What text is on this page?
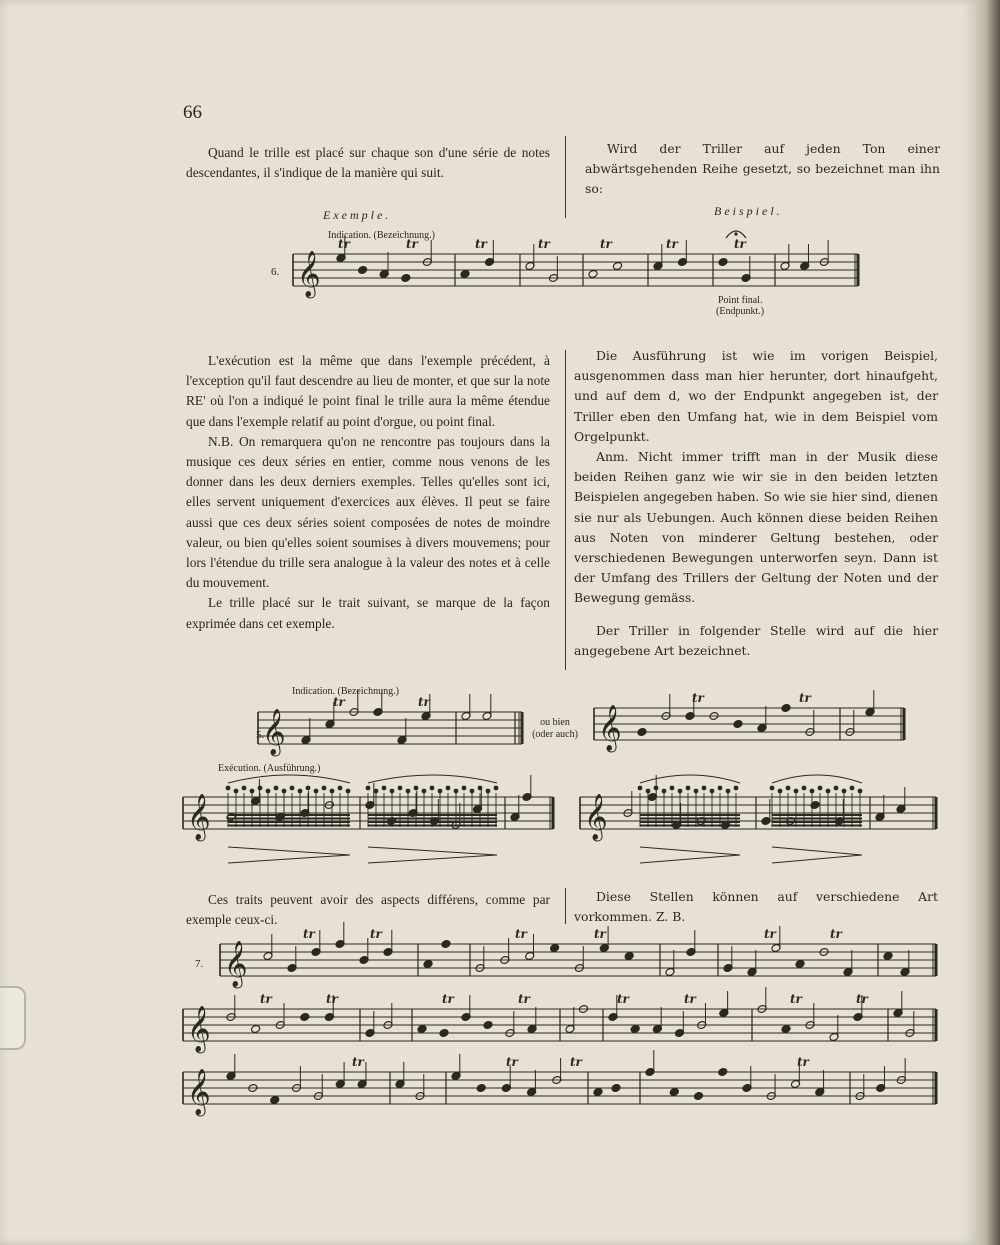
66

Quand le trille est placé sur chaque son d'une série de notes descendantes, il s'indique de la manière qui suit.

Wird der Triller auf jeden Ton einer abwärtsgehenden Reihe gesetzt, so bezeichnet man ihn so:

Exemple.	Beispiel.
Indication. (Bezeichnung.)
6.
Point final.
(Endpunkt.)

L'exécution est la même que dans l'exemple précédent, à l'exception qu'il faut descendre au lieu de monter, et que sur la note RE' où l'on a indiqué le point final le trille aura la même étendue que dans l'exemple relatif au point d'orgue, ou point final.

N.B. On remarquera qu'on ne rencontre pas toujours dans la musique ces deux séries en entier, comme nous venons de les donner dans les deux derniers exemples. Telles qu'elles sont ici, elles servent uniquement d'exercices aux élèves. Il peut se faire aussi que ces deux séries soient composées de notes de moindre valeur, ou bien qu'elles soient soumises à divers mouvemens; pour lors l'étendue du trille sera analogue à la valeur des notes et à celle du mouvement.

Le trille placé sur le trait suivant, se marque de la façon exprimée dans cet exemple.

Die Ausführung ist wie im vorigen Beispiel, ausgenommen dass man hier herunter, dort hinaufgeht, und auf dem d, wo der Endpunkt angegeben ist, der Triller eben den Umfang hat, wie in dem Beispiel vom Orgelpunkt.

Anm. Nicht immer trifft man in der Musik diese beiden Reihen ganz wie wir sie in den beiden letzten Beispielen angegeben haben. So wie sie hier sind, dienen sie nur als Uebungen. Auch können diese beiden Reihen aus Noten von minderer Geltung bestehen, oder verschiedenen Bewegungen unterworfen seyn. Dann ist der Umfang des Trillers der Geltung der Noten und der Bewegung gemäss.

Der Triller in folgender Stelle wird auf die hier angegebene Art bezeichnet.

Indication. (Bezeichnung.)
5.
ou bien
(oder auch)
Exécution. (Ausführung.)

Ces traits peuvent avoir des aspects différens, comme par exemple ceux-ci.

Diese Stellen können auf verschiedene Art vorkommen. Z. B.

7.
𝄞
tr	tr	tr	tr	tr	tr	tr
𝄞
tr	tr
𝄞
tr	tr
𝄞	𝄞
𝄞
tr	tr	tr	tr	tr	tr
𝄞
tr	tr	tr	tr	tr	tr	tr	tr
𝄞
tr	tr	tr	tr
